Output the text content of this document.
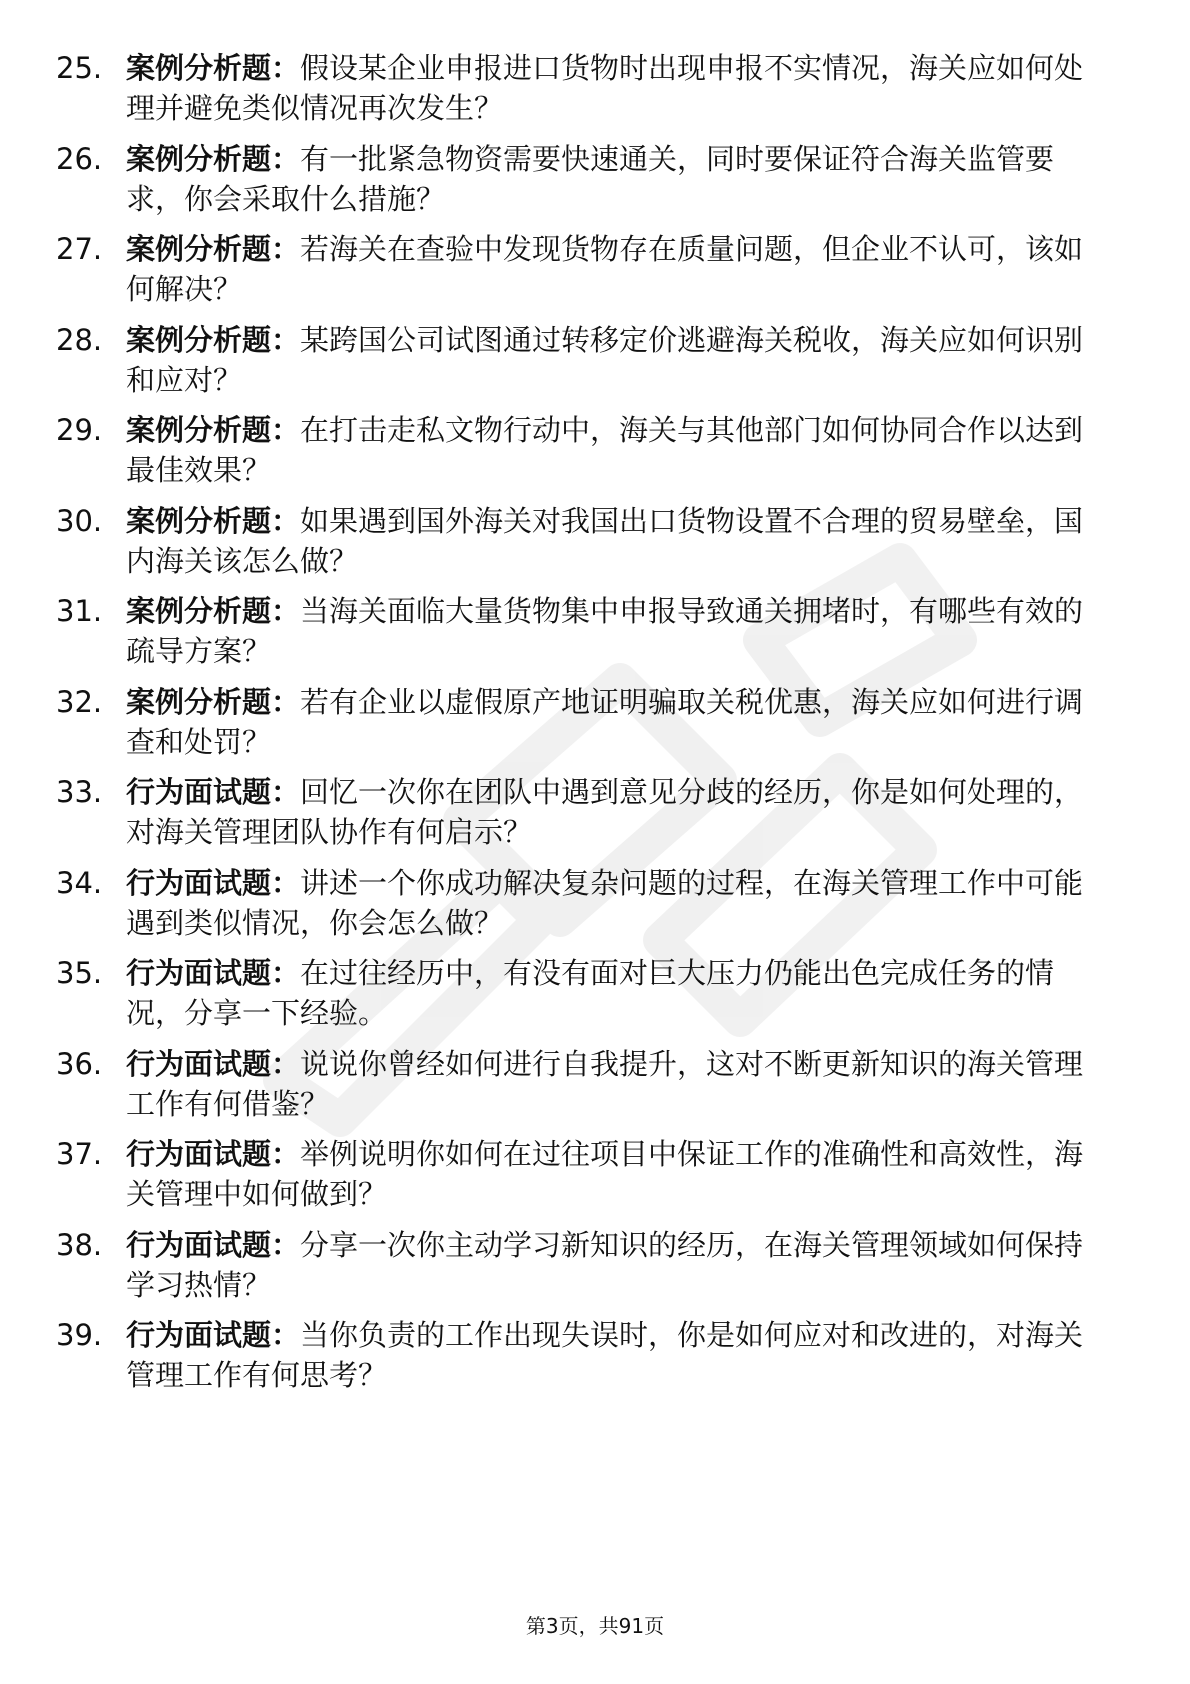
25. 案例分析题：假设某企业申报进口货物时出现申报不实情况，海关应如何处理并避免类似情况再次发生？
26. 案例分析题：有一批紧急物资需要快速通关，同时要保证符合海关监管要求，你会采取什么措施？
27. 案例分析题：若海关在查验中发现货物存在质量问题，但企业不认可，该如何解决？
28. 案例分析题：某跨国公司试图通过转移定价逃避海关税收，海关应如何识别和应对？
29. 案例分析题：在打击走私文物行动中，海关与其他部门如何协同合作以达到最佳效果？
30. 案例分析题：如果遇到国外海关对我国出口货物设置不合理的贸易壁垒，国内海关该怎么做？
31. 案例分析题：当海关面临大量货物集中申报导致通关拥堵时，有哪些有效的疏导方案？
32. 案例分析题：若有企业以虚假原产地证明骗取关税优惠，海关应如何进行调查和处罚？
33. 行为面试题：回忆一次你在团队中遇到意见分歧的经历，你是如何处理的，对海关管理团队协作有何启示？
34. 行为面试题：讲述一个你成功解决复杂问题的过程，在海关管理工作中可能遇到类似情况，你会怎么做？
35. 行为面试题：在过往经历中，有没有面对巨大压力仍能出色完成任务的情况，分享一下经验。
36. 行为面试题：说说你曾经如何进行自我提升，这对不断更新知识的海关管理工作有何借鉴？
37. 行为面试题：举例说明你如何在过往项目中保证工作的准确性和高效性，海关管理中如何做到？
38. 行为面试题：分享一次你主动学习新知识的经历，在海关管理领域如何保持学习热情？
39. 行为面试题：当你负责的工作出现失误时，你是如何应对和改进的，对海关管理工作有何思考？
第3页，共91页
